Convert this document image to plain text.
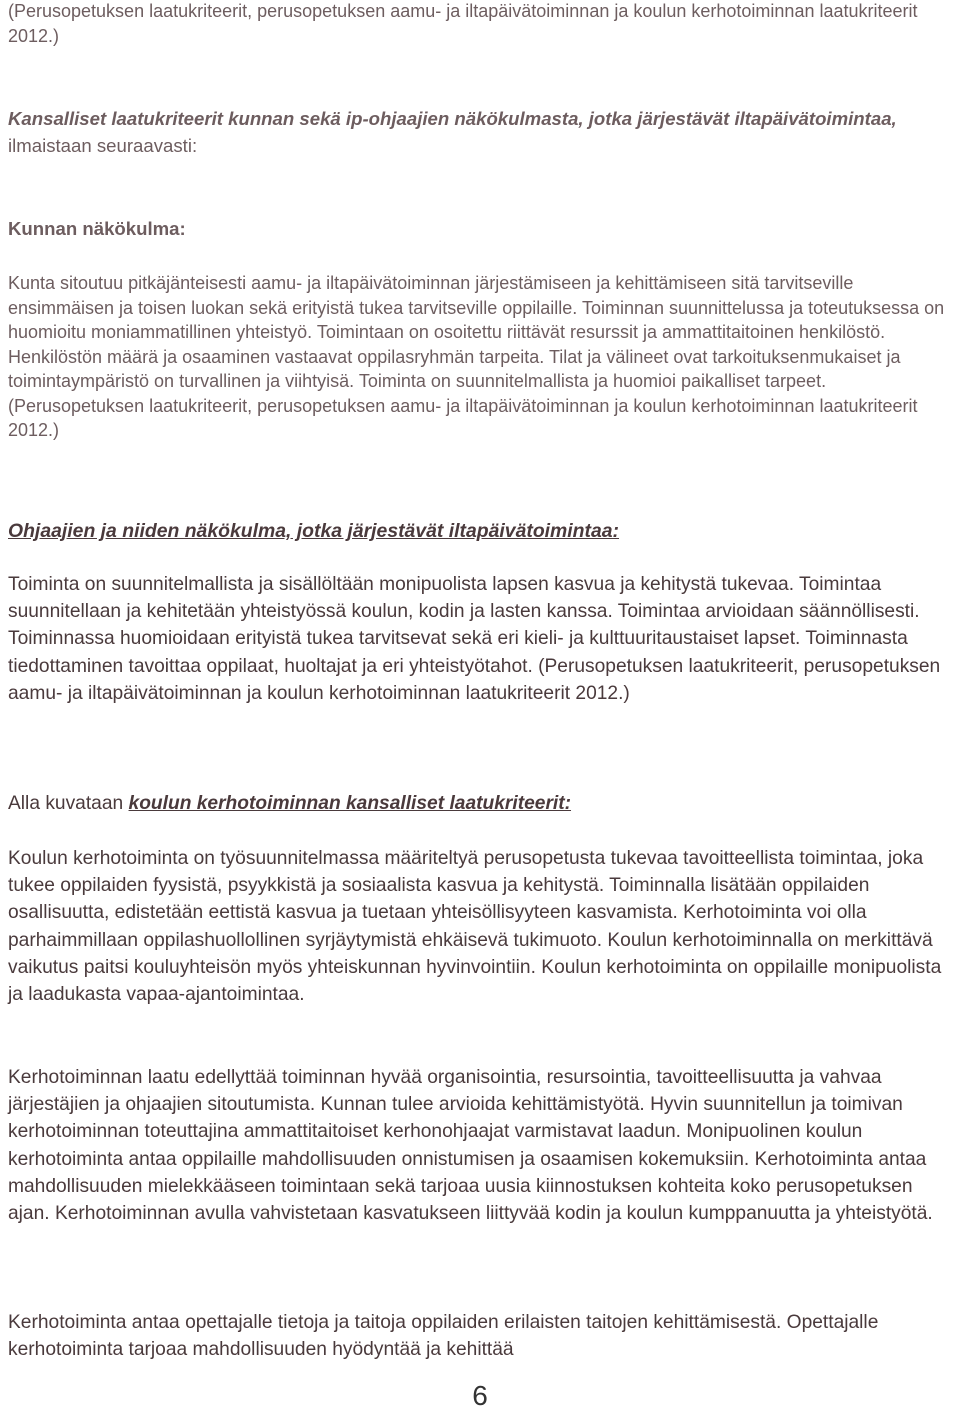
(Perusopetuksen laatukriteerit, perusopetuksen aamu- ja iltapäivätoiminnan ja koulun kerhotoiminnan laatukriteerit 2012.)

Kansalliset laatukriteerit kunnan sekä ip-ohjaajien näkökulmasta, jotka järjestävät iltapäivätoimintaa, ilmaistaan seuraavasti:

Kunnan näkökulma:

Kunta sitoutuu pitkäjänteisesti aamu- ja iltapäivätoiminnan järjestämiseen ja kehittämiseen sitä tarvitseville ensimmäisen ja toisen luokan sekä erityistä tukea tarvitseville oppilaille. Toiminnan suunnittelussa ja toteutuksessa on huomioitu moniammatillinen yhteistyö. Toimintaan on osoitettu riittävät resurssit ja ammattitaitoinen henkilöstö. Henkilöstön määrä ja osaaminen vastaavat oppilasryhmän tarpeita. Tilat ja välineet ovat tarkoituksenmukaiset ja toimintaympäristö on turvallinen ja viihtyisä. Toiminta on suunnitelmallista ja huomioi paikalliset tarpeet. (Perusopetuksen laatukriteerit, perusopetuksen aamu- ja iltapäivätoiminnan ja koulun kerhotoiminnan laatukriteerit 2012.)

Ohjaajien ja niiden näkökulma, jotka järjestävät iltapäivätoimintaa:

Toiminta on suunnitelmallista ja sisällöltään monipuolista lapsen kasvua ja kehitystä tukevaa. Toimintaa suunnitellaan ja kehitetään yhteistyössä koulun, kodin ja lasten kanssa. Toimintaa arvioidaan säännöllisesti. Toiminnassa huomioidaan erityistä tukea tarvitsevat sekä eri kieli- ja kulttuuritaustaiset lapset. Toiminnasta tiedottaminen tavoittaa oppilaat, huoltajat ja eri yhteistyötahot. (Perusopetuksen laatukriteerit, perusopetuksen aamu- ja iltapäivätoiminnan ja koulun kerhotoiminnan laatukriteerit 2012.)

Alla kuvataan koulun kerhotoiminnan kansalliset laatukriteerit:

Koulun kerhotoiminta on työsuunnitelmassa määriteltyä perusopetusta tukevaa tavoitteellista toimintaa, joka tukee oppilaiden fyysistä, psyykkistä ja sosiaalista kasvua ja kehitystä. Toiminnalla lisätään oppilaiden osallisuutta, edistetään eettistä kasvua ja tuetaan yhteisöllisyyteen kasvamista. Kerhotoiminta voi olla parhaimmillaan oppilashuollollinen syrjäytymistä ehkäisevä tukimuoto. Koulun kerhotoiminnalla on merkittävä vaikutus paitsi kouluyhteisön myös yhteiskunnan hyvinvointiin. Koulun kerhotoiminta on oppilaille monipuolista ja laadukasta vapaa-ajantoimintaa.

Kerhotoiminnan laatu edellyttää toiminnan hyvää organisointia, resursointia, tavoitteellisuutta ja vahvaa järjestäjien ja ohjaajien sitoutumista. Kunnan tulee arvioida kehittämistyötä. Hyvin suunnitellun ja toimivan kerhotoiminnan toteuttajina ammattitaitoiset kerhonohjaajat varmistavat laadun. Monipuolinen koulun kerhotoiminta antaa oppilaille mahdollisuuden onnistumisen ja osaamisen kokemuksiin. Kerhotoiminta antaa mahdollisuuden mielekkääseen toimintaan sekä tarjoaa uusia kiinnostuksen kohteita koko perusopetuksen ajan. Kerhotoiminnan avulla vahvistetaan kasvatukseen liittyvää kodin ja koulun kumppanuutta ja yhteistyötä.

Kerhotoiminta antaa opettajalle tietoja ja taitoja oppilaiden erilaisten taitojen kehittämisestä. Opettajalle kerhotoiminta tarjoaa mahdollisuuden hyödyntää ja kehittää

6
